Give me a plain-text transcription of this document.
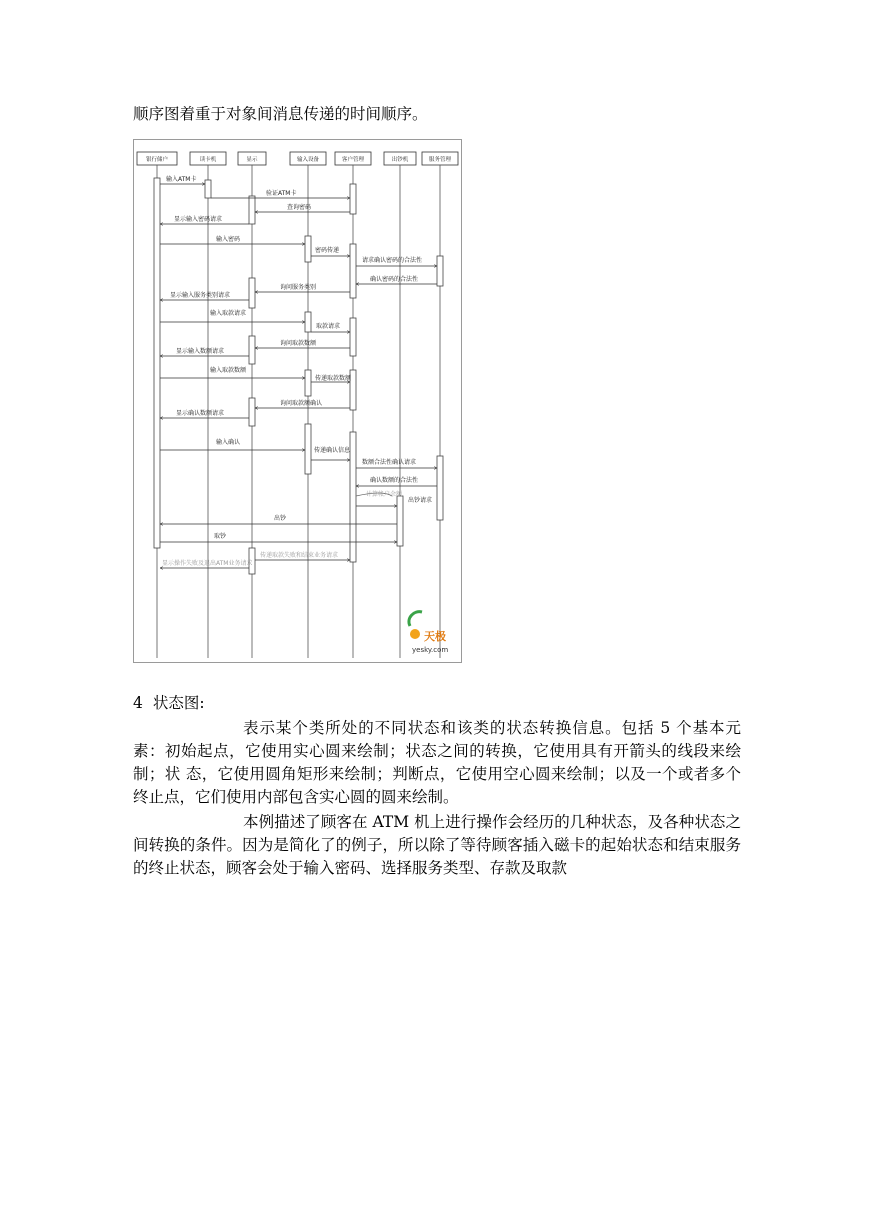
顺序图着重于对象间消息传递的时间顺序。

银行储户	读卡机	显示	输入设备	客户管理	出钞机	服务管理
输入ATM卡
验证ATM卡
查询密码
显示输入密码请求
输入密码
密码传递
请求确认密码的合法性
确认密码的合法性
询问服务类别
显示输入服务类别请求
输入取款请求
取款请求
询问取款数额
显示输入数额请求
输入取款数额
传递取款数额
询问取款额确认
显示确认数额请求
输入确认
传递确认信息
数额合法性确认请求
确认数额的合法性
计算帐户余额
出钞请求
出钞
取钞
传递取款失败和结束业务请求
显示操作失败及退出ATM业务请求
天极
yesky.com

4 状态图:

表示某个类所处的不同状态和该类的状态转换信息。包括 5 个基本元素：初始起点，它使用实心圆来绘制；状态之间的转换，它使用具有开箭头的线段来绘制；状 态，它使用圆角矩形来绘制；判断点，它使用空心圆来绘制；以及一个或者多个终止点，它们使用内部包含实心圆的圆来绘制。

本例描述了顾客在 ATM 机上进行操作会经历的几种状态，及各种状态之间转换的条件。因为是简化了的例子，所以除了等待顾客插入磁卡的起始状态和结束服务的终止状态，顾客会处于输入密码、选择服务类型、存款及取款
